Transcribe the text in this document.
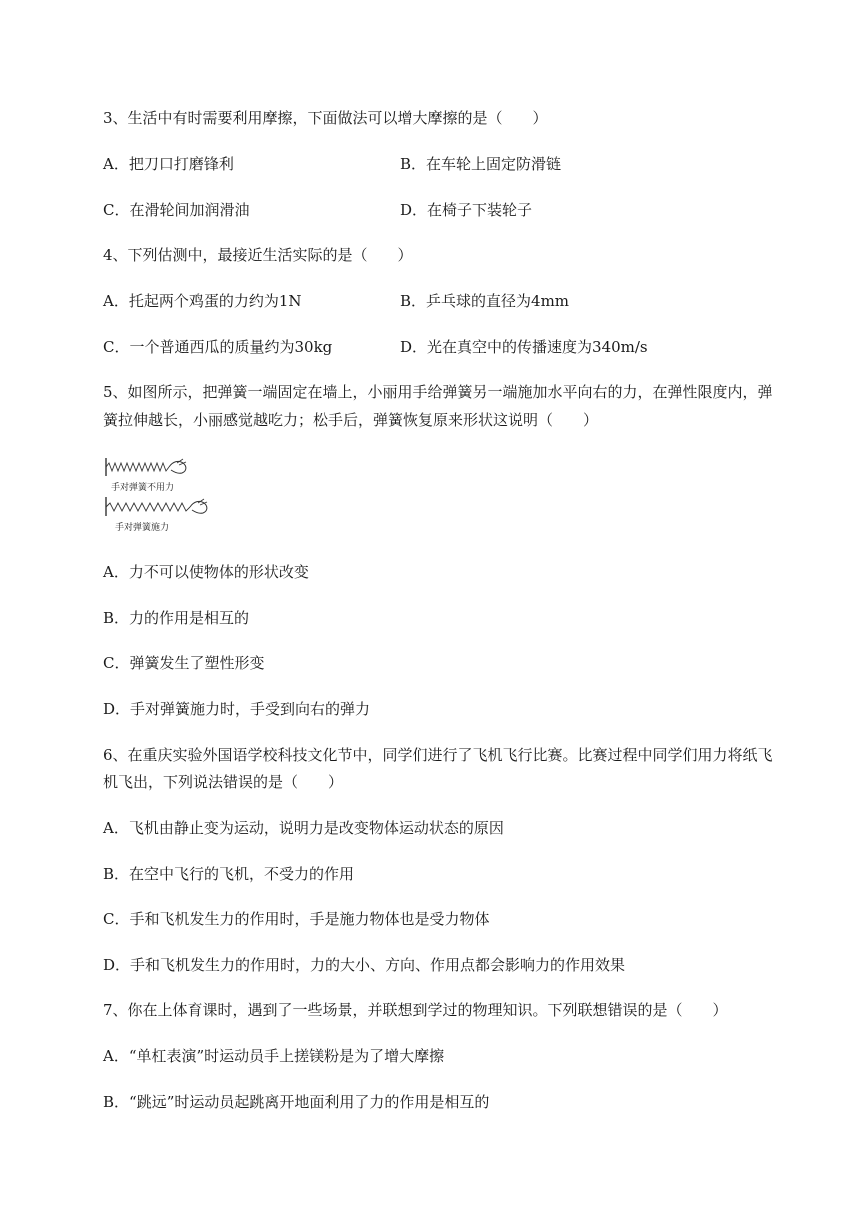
3、生活中有时需要利用摩擦，下面做法可以增大摩擦的是（　　）
A．把刀口打磨锋利	B．在车轮上固定防滑链
C．在滑轮间加润滑油	D．在椅子下装轮子
4、下列估测中，最接近生活实际的是（　　）
A．托起两个鸡蛋的力约为1N	B．乒乓球的直径为4mm
C．一个普通西瓜的质量约为30kg	D．光在真空中的传播速度为340m/s
5、如图所示，把弹簧一端固定在墙上，小丽用手给弹簧另一端施加水平向右的力，在弹性限度内，弹
簧拉伸越长，小丽感觉越吃力；松手后，弹簧恢复原来形状这说明（　　）
手对弹簧不用力
手对弹簧施力
A．力不可以使物体的形状改变
B．力的作用是相互的
C．弹簧发生了塑性形变
D．手对弹簧施力时，手受到向右的弹力
6、在重庆实验外国语学校科技文化节中，同学们进行了飞机飞行比赛。比赛过程中同学们用力将纸飞
机飞出，下列说法错误的是（　　）
A．飞机由静止变为运动，说明力是改变物体运动状态的原因
B．在空中飞行的飞机，不受力的作用
C．手和飞机发生力的作用时，手是施力物体也是受力物体
D．手和飞机发生力的作用时，力的大小、方向、作用点都会影响力的作用效果
7、你在上体育课时，遇到了一些场景，并联想到学过的物理知识。下列联想错误的是（　　）
A．“单杠表演”时运动员手上搓镁粉是为了增大摩擦
B．“跳远”时运动员起跳离开地面利用了力的作用是相互的
